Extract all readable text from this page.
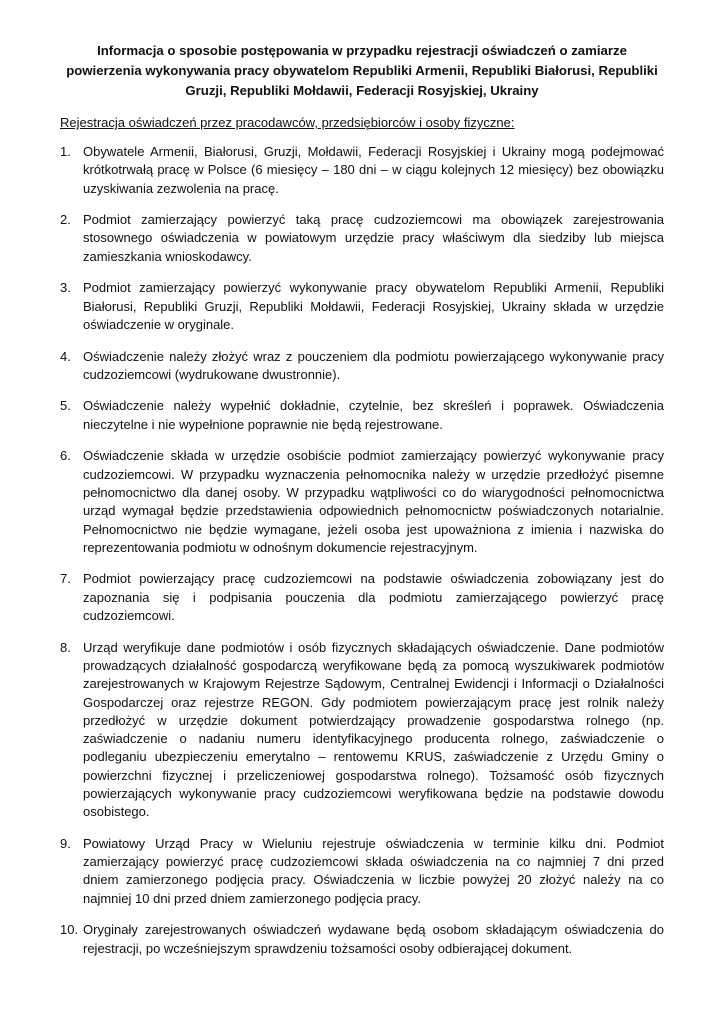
Informacja o sposobie postępowania w przypadku rejestracji oświadczeń o zamiarze powierzenia wykonywania pracy obywatelom Republiki Armenii, Republiki Białorusi, Republiki Gruzji, Republiki Mołdawii, Federacji Rosyjskiej, Ukrainy

Rejestracja oświadczeń przez pracodawców, przedsiębiorców i osoby fizyczne:

1. Obywatele Armenii, Białorusi, Gruzji, Mołdawii, Federacji Rosyjskiej i Ukrainy mogą podejmować krótkotrwałą pracę w Polsce (6 miesięcy – 180 dni – w ciągu kolejnych 12 miesięcy) bez obowiązku uzyskiwania zezwolenia na pracę.
2. Podmiot zamierzający powierzyć taką pracę cudzoziemcowi ma obowiązek zarejestrowania stosownego oświadczenia w powiatowym urzędzie pracy właściwym dla siedziby lub miejsca zamieszkania wnioskodawcy.
3. Podmiot zamierzający powierzyć wykonywanie pracy obywatelom Republiki Armenii, Republiki Białorusi, Republiki Gruzji, Republiki Mołdawii, Federacji Rosyjskiej, Ukrainy składa w urzędzie oświadczenie w oryginale.
4. Oświadczenie należy złożyć wraz z pouczeniem dla podmiotu powierzającego wykonywanie pracy cudzoziemcowi (wydrukowane dwustronnie).
5. Oświadczenie należy wypełnić dokładnie, czytelnie, bez skreśleń i poprawek. Oświadczenia nieczytelne i nie wypełnione poprawnie nie będą rejestrowane.
6. Oświadczenie składa w urzędzie osobiście podmiot zamierzający powierzyć wykonywanie pracy cudzoziemcowi. W przypadku wyznaczenia pełnomocnika należy w urzędzie przedłożyć pisemne pełnomocnictwo dla danej osoby. W przypadku wątpliwości co do wiarygodności pełnomocnictwa urząd wymagał będzie przedstawienia odpowiednich pełnomocnictw poświadczonych notarialnie. Pełnomocnictwo nie będzie wymagane, jeżeli osoba jest upoważniona z imienia i nazwiska do reprezentowania podmiotu w odnośnym dokumencie rejestracyjnym.
7. Podmiot powierzający pracę cudzoziemcowi na podstawie oświadczenia zobowiązany jest do zapoznania się i podpisania pouczenia dla podmiotu zamierzającego powierzyć pracę cudzoziemcowi.
8. Urząd weryfikuje dane podmiotów i osób fizycznych składających oświadczenie. Dane podmiotów prowadzących działalność gospodarczą weryfikowane będą za pomocą wyszukiwarek podmiotów zarejestrowanych w Krajowym Rejestrze Sądowym, Centralnej Ewidencji i Informacji o Działalności Gospodarczej oraz rejestrze REGON. Gdy podmiotem powierzającym pracę jest rolnik należy przedłożyć w urzędzie dokument potwierdzający prowadzenie gospodarstwa rolnego (np. zaświadczenie o nadaniu numeru identyfikacyjnego producenta rolnego, zaświadczenie o podleganiu ubezpieczeniu emerytalno – rentowemu KRUS, zaświadczenie z Urzędu Gminy o powierzchni fizycznej i przeliczeniowej gospodarstwa rolnego). Tożsamość osób fizycznych powierzających wykonywanie pracy cudzoziemcowi weryfikowana będzie na podstawie dowodu osobistego.
9. Powiatowy Urząd Pracy w Wieluniu rejestruje oświadczenia w terminie kilku dni. Podmiot zamierzający powierzyć pracę cudzoziemcowi składa oświadczenia na co najmniej 7 dni przed dniem zamierzonego podjęcia pracy. Oświadczenia w liczbie powyżej 20 złożyć należy na co najmniej 10 dni przed dniem zamierzonego podjęcia pracy.
10. Oryginały zarejestrowanych oświadczeń wydawane będą osobom składającym oświadczenia do rejestracji, po wcześniejszym sprawdzeniu tożsamości osoby odbierającej dokument.
